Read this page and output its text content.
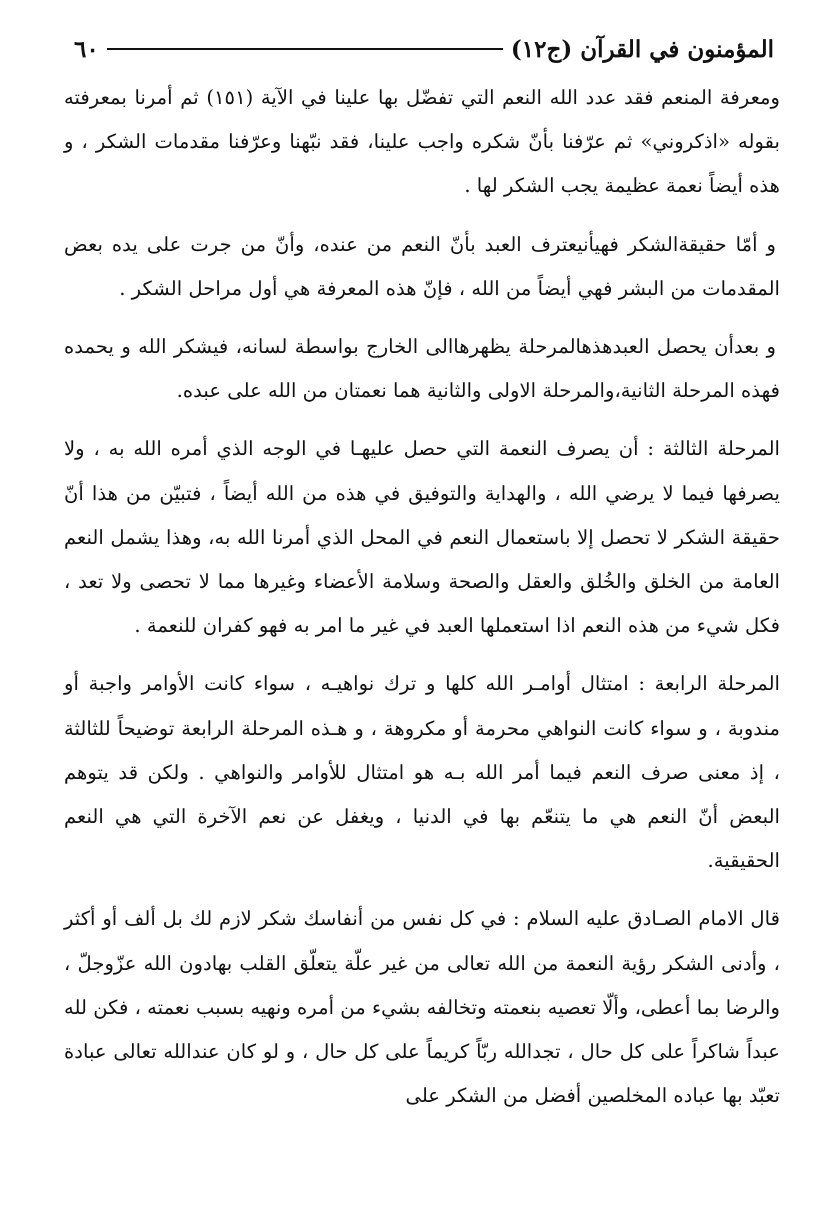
المؤمنون في القرآن (ج١٢)
٦٠

ومعرفة المنعم فقد عدد الله النعم التي تفضّل بها علينا في الآية (١٥١) ثم أمرنا بمعرفته بقوله «اذكروني» ثم عرّفنا بأنّ شكره واجب علينا، فقد نبّهنا وعرّفنا مقدمات الشكر ، و هذه أيضاً نعمة عظيمة يجب الشكر لها .

و أمّا حقيقةالشكر فهيأنيعترف العبد بأنّ النعم من عنده، وأنّ من جرت على يده بعض المقدمات من البشر فهي أيضاً من الله ، فإنّ هذه المعرفة هي أول مراحل الشكر .

و بعدأن يحصل العبدهذهالمرحلة يظهرهاالى الخارج بواسطة لسانه، فيشكر الله و يحمده فهذه المرحلة الثانية،والمرحلة الاولى والثانية هما نعمتان من الله على عبده.

المرحلة الثالثة : أن يصرف النعمة التي حصل عليهـا في الوجه الذي أمره الله به ، ولا يصرفها فيما لا يرضي الله ، والهداية والتوفيق في هذه من الله أيضاً ، فتبيّن من هذا أنّ حقيقة الشكر لا تحصل إلا باستعمال النعم في المحل الذي أمرنا الله به، وهذا يشمل النعم العامة من الخلق والخُلق والعقل والصحة وسلامة الأعضاء وغيرها مما لا تحصى ولا تعد ، فكل شيء من هذه النعم اذا استعملها العبد في غير ما امر به فهو كفران للنعمة .

المرحلة الرابعة : امتثال أوامـر الله كلها و ترك نواهيـه ، سواء كانت الأوامر واجبة أو مندوبة ، و سواء كانت النواهي محرمة أو مكروهة ، و هـذه المرحلة الرابعة توضيحاً للثالثة ، إذ معنى صرف النعم فيما أمر الله بـه هو امتثال للأوامر والنواهي . ولكن قد يتوهم البعض أنّ النعم هي ما يتنعّم بها في الدنيا ، ويغفل عن نعم الآخرة التي هي النعم الحقيقية.

قال الامام الصـادق عليه السلام : في كل نفس من أنفاسك شكر لازم لك بل ألف أو أكثر ، وأدنى الشكر رؤية النعمة من الله تعالى من غير علّة يتعلّق القلب بهادون الله عزّوجلّ ، والرضا بما أعطى، وألّا تعصيه بنعمته وتخالفه بشيء من أمره ونهيه بسبب نعمته ، فكن لله عبداً شاكراً على كل حال ، تجدالله ربّاً كريماً على كل حال ، و لو كان عندالله تعالى عبادة تعبّد بها عباده المخلصين أفضل من الشكر على
